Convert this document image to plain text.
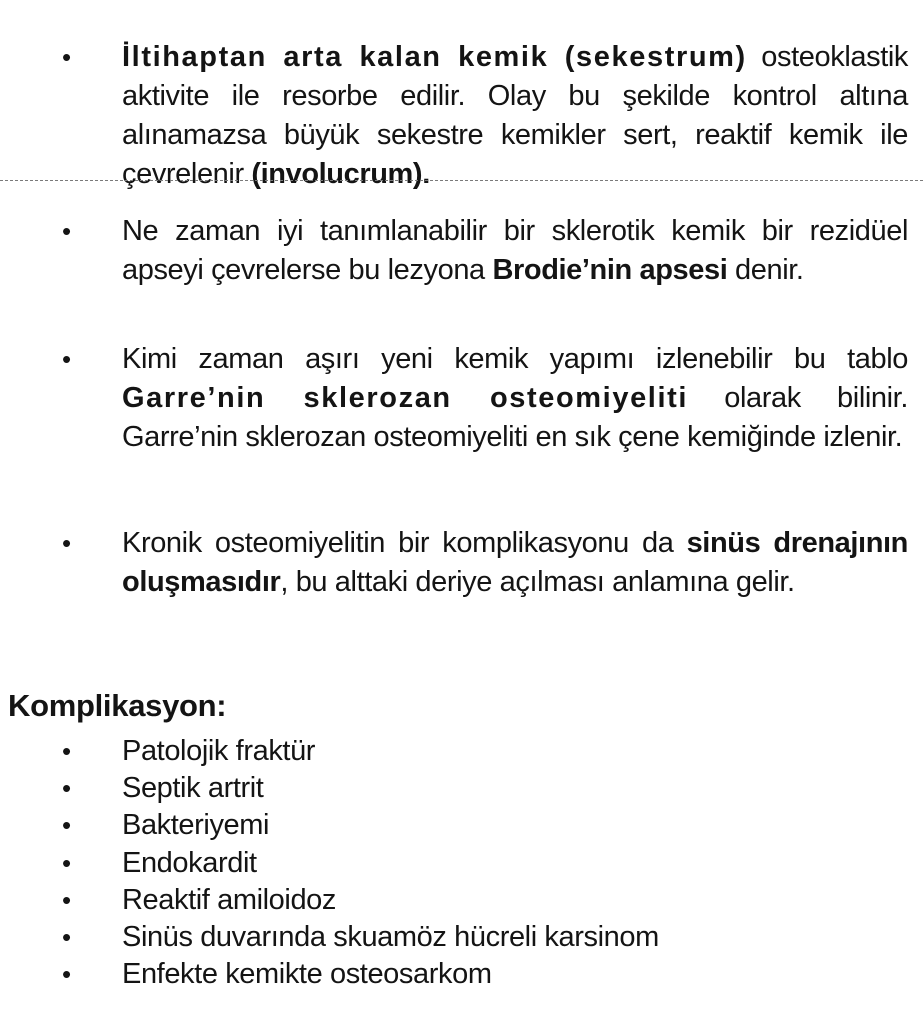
• İltihaptan arta kalan kemik (sekestrum) osteoklastik aktivite ile resorbe edilir. Olay bu şekilde kontrol altına alınamazsa büyük sekestre kemikler sert, reaktif kemik ile çevrelenir (involucrum).
• Ne zaman iyi tanımlanabilir bir sklerotik kemik bir rezidüel apseyi çevrelerse bu lezyona Brodie’nin apsesi denir.
• Kimi zaman aşırı yeni kemik yapımı izlenebilir bu tablo Garre’nin sklerozan osteomiyeliti olarak bilinir. Garre’nin sklerozan osteomiyeliti en sık çene kemiğinde izlenir.
• Kronik osteomiyelitin bir komplikasyonu da sinüs drenajının oluşmasıdır, bu alttaki deriye açılması anlamına gelir.
Komplikasyon:
• Patolojik fraktür
• Septik artrit
• Bakteriyemi
• Endokardit
• Reaktif amiloidoz
• Sinüs duvarında skuamöz hücreli karsinom
• Enfekte kemikte osteosarkom
